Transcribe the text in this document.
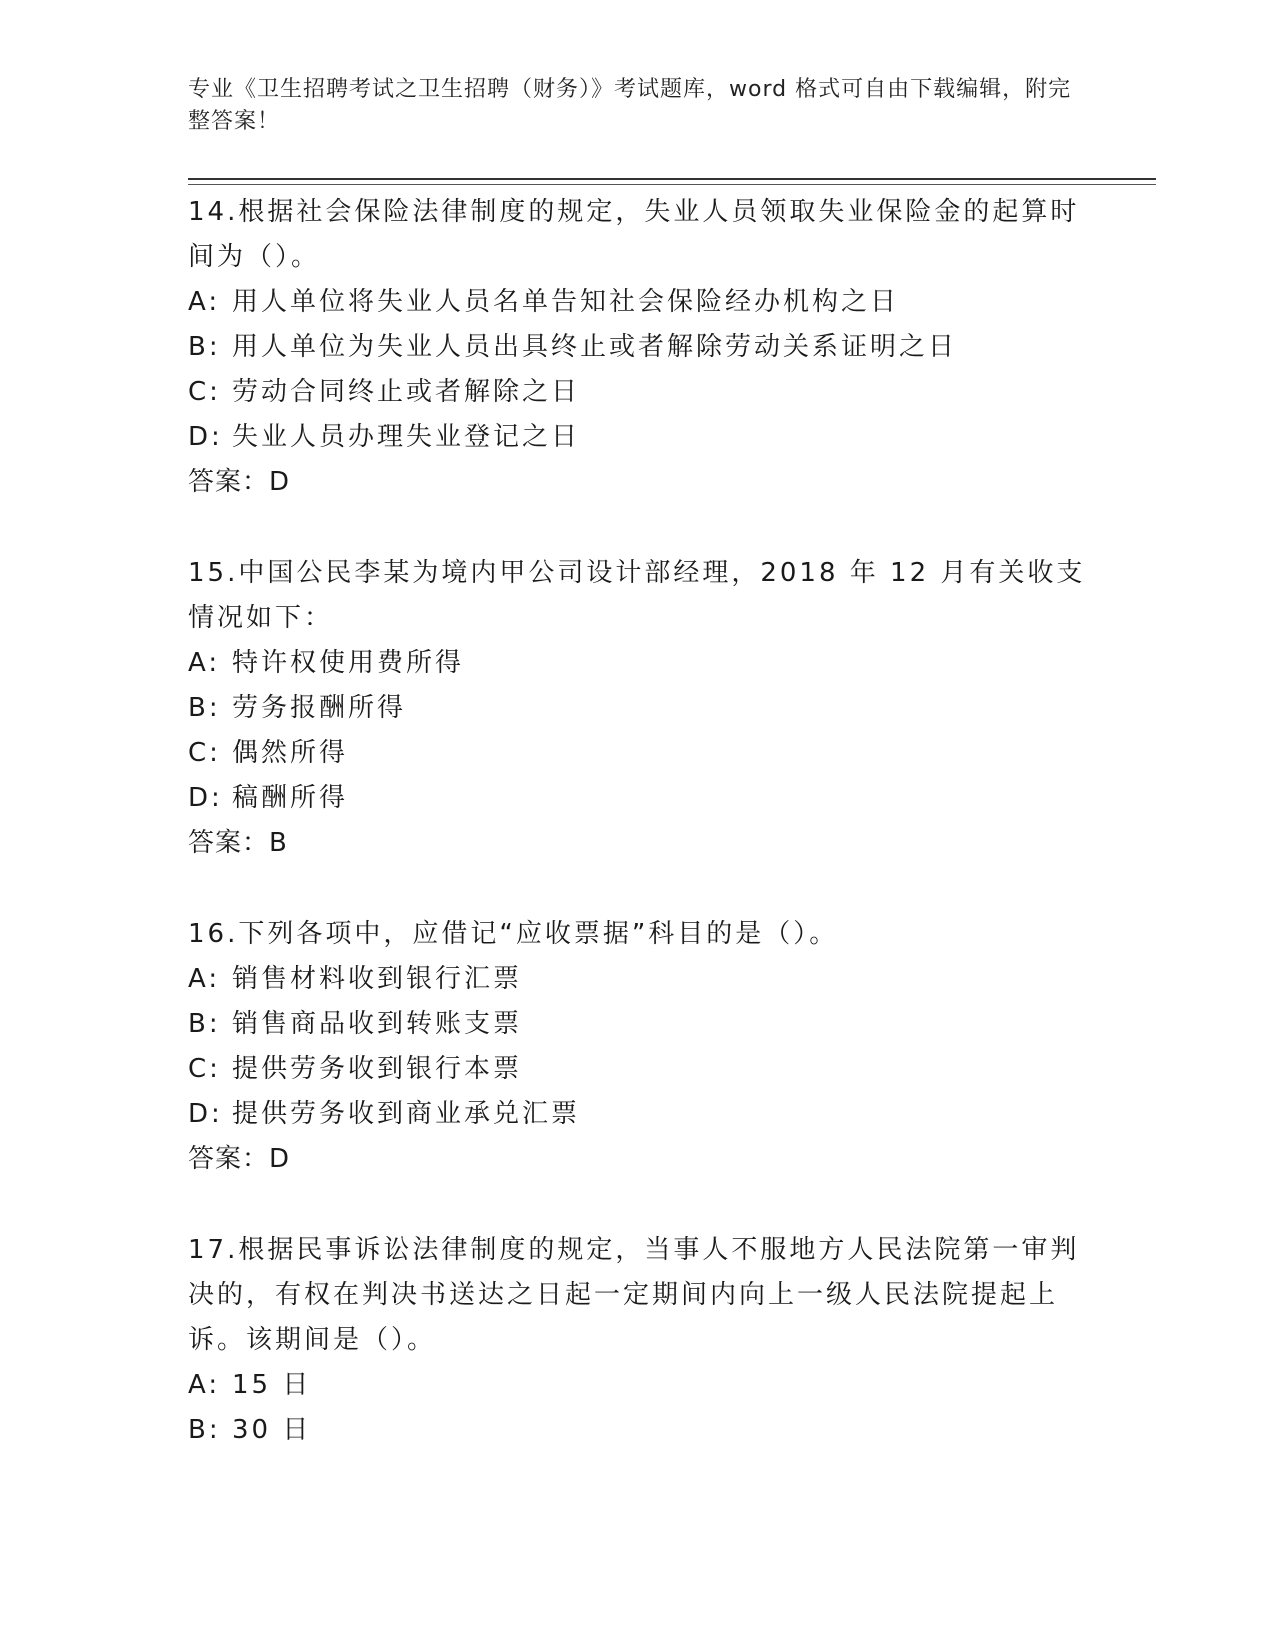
专业《卫生招聘考试之卫生招聘（财务）》考试题库，word 格式可自由下载编辑，附完整答案！

14.根据社会保险法律制度的规定，失业人员领取失业保险金的起算时间为（）。

A: 用人单位将失业人员名单告知社会保险经办机构之日

B: 用人单位为失业人员出具终止或者解除劳动关系证明之日

C: 劳动合同终止或者解除之日

D: 失业人员办理失业登记之日

答案：D

15.中国公民李某为境内甲公司设计部经理，2018 年 12 月有关收支情况如下：

A: 特许权使用费所得

B: 劳务报酬所得

C: 偶然所得

D: 稿酬所得

答案：B

16.下列各项中，应借记“应收票据”科目的是（）。

A: 销售材料收到银行汇票

B: 销售商品收到转账支票

C: 提供劳务收到银行本票

D: 提供劳务收到商业承兑汇票

答案：D

17.根据民事诉讼法律制度的规定，当事人不服地方人民法院第一审判决的，有权在判决书送达之日起一定期间内向上一级人民法院提起上诉。该期间是（）。

A: 15 日

B: 30 日
